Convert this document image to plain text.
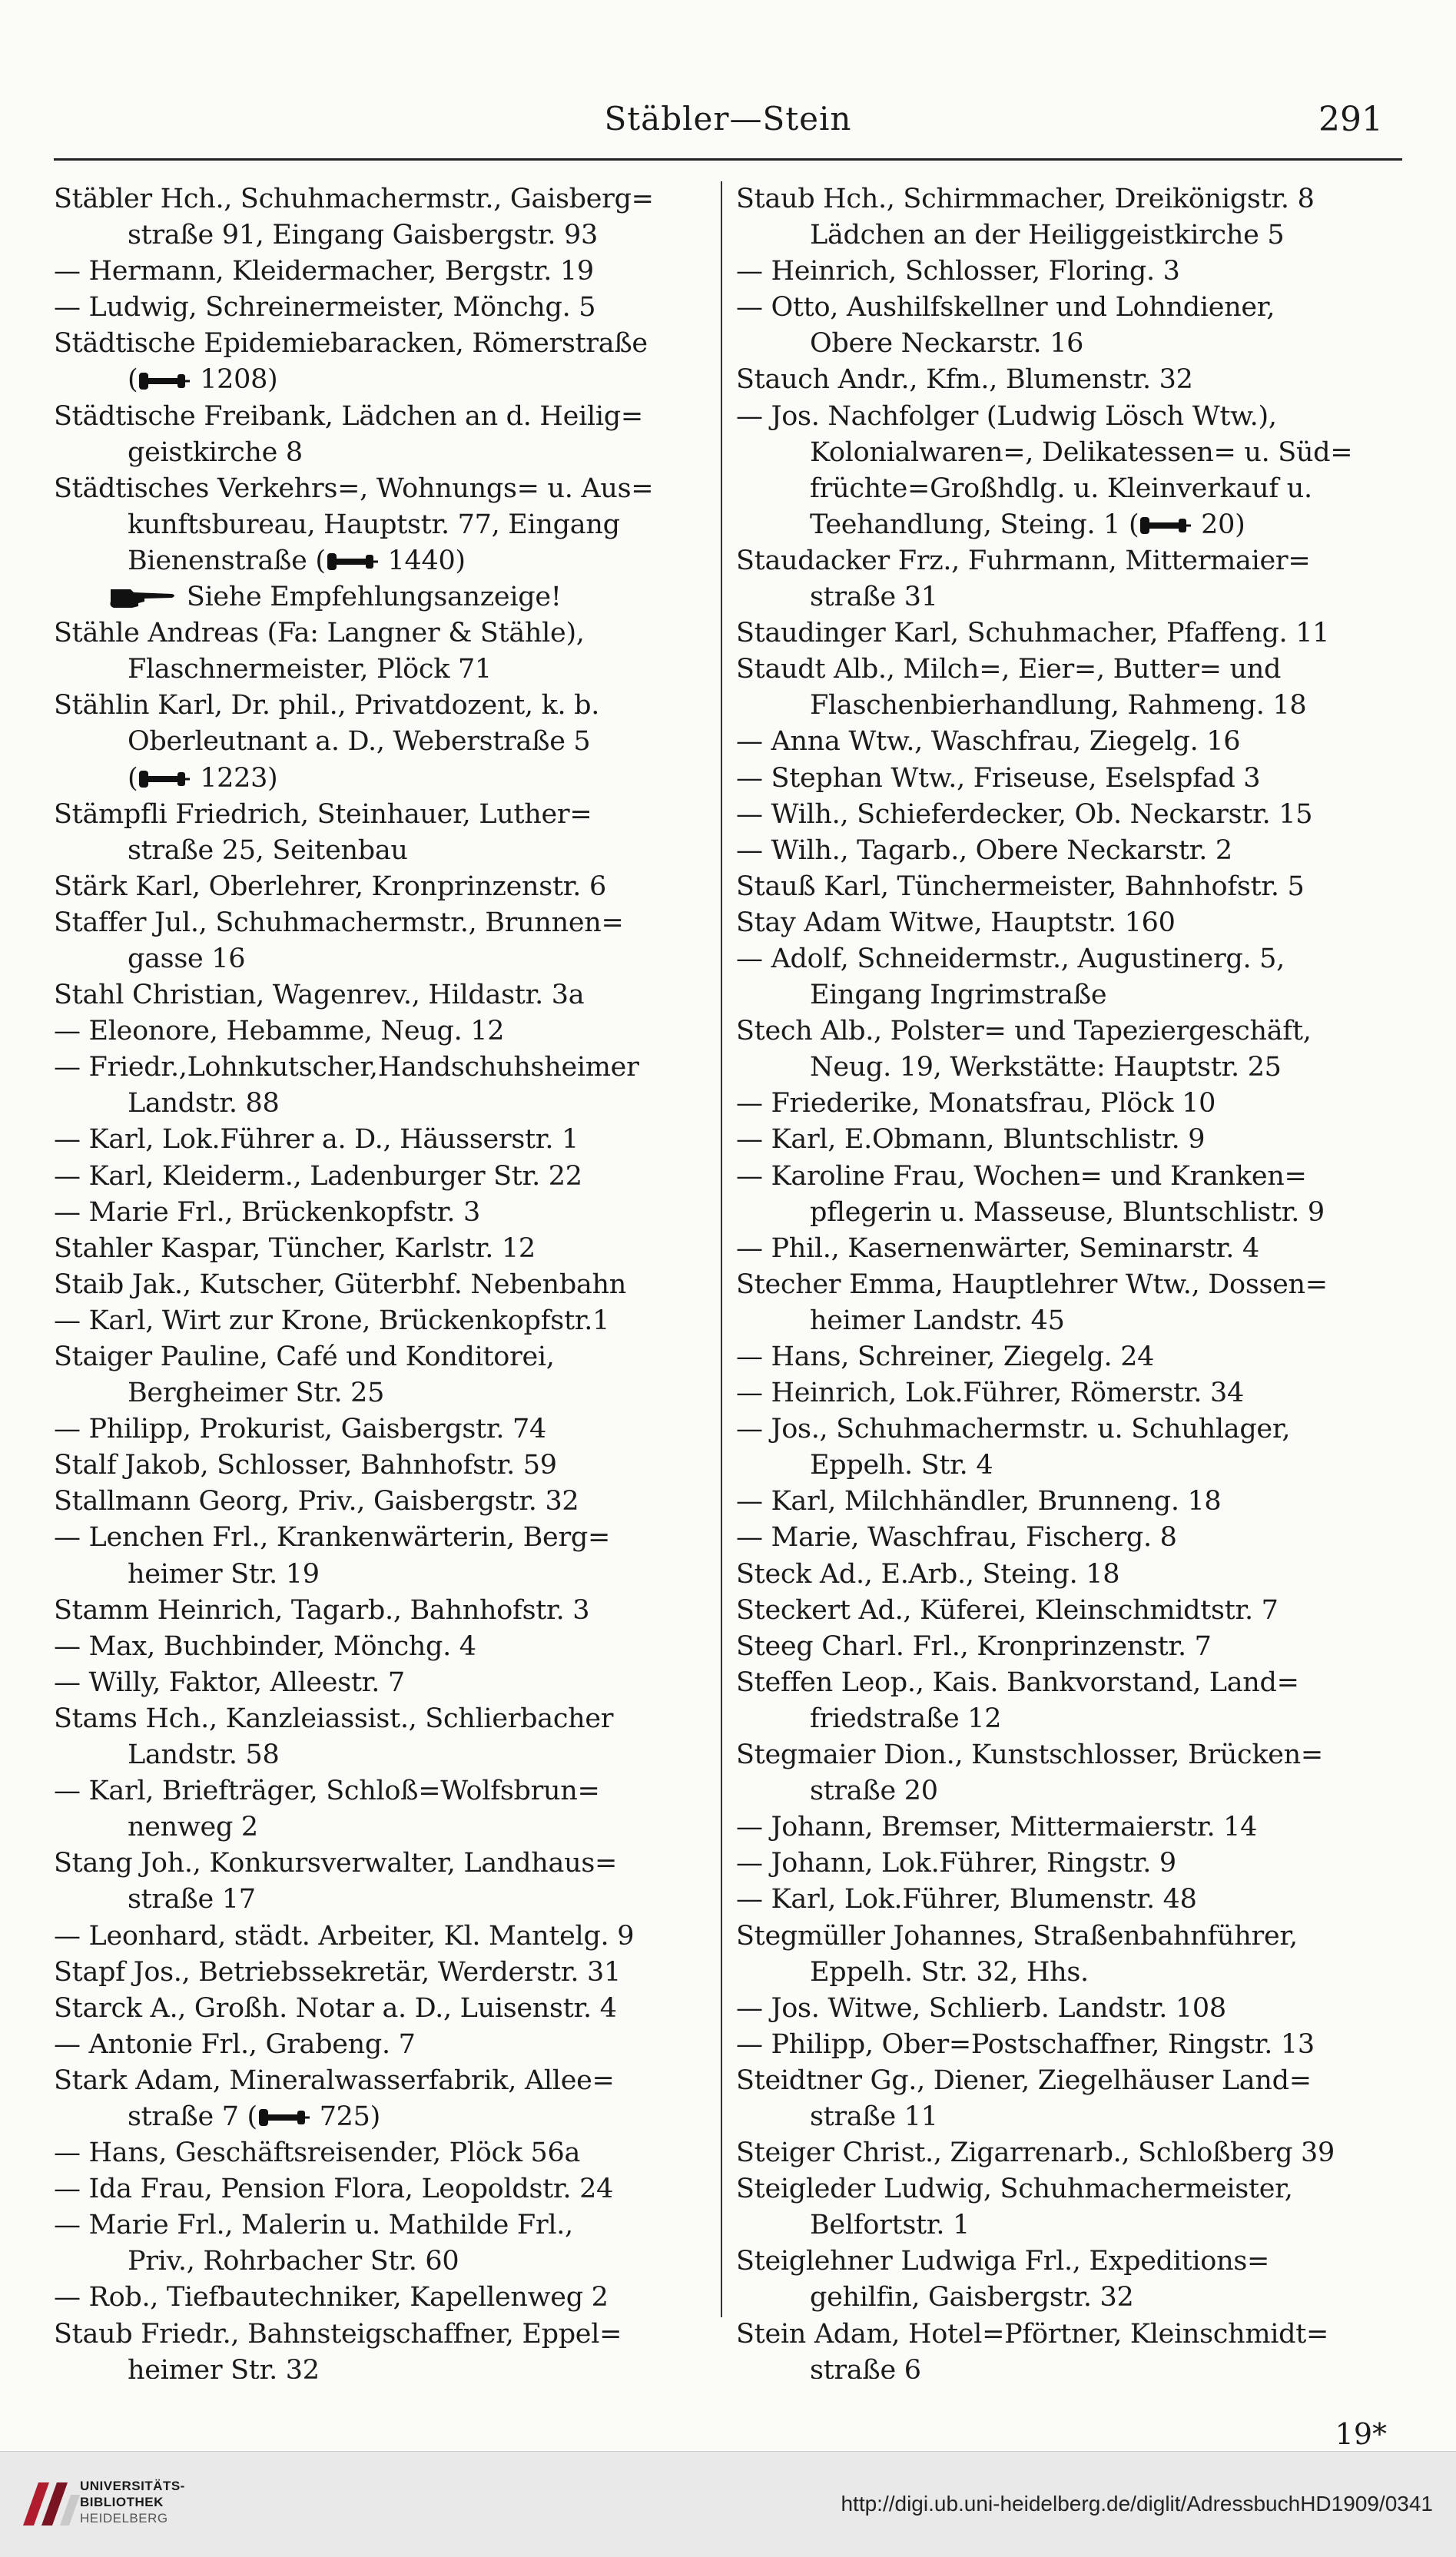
Stäbler—Stein	291
Stäbler Hch., Schuhmachermstr., Gaisberg=
straße 91, Eingang Gaisbergstr. 93
— Hermann, Kleidermacher, Bergstr. 19
— Ludwig, Schreinermeister, Mönchg. 5
Städtische Epidemiebaracken, Römerstraße
( 1208)
Städtische Freibank, Lädchen an d. Heilig=
geistkirche 8
Städtisches Verkehrs=, Wohnungs= u. Aus=
kunftsbureau, Hauptstr. 77, Eingang
Bienenstraße ( 1440)
Siehe Empfehlungsanzeige!
Stähle Andreas (Fa: Langner & Stähle),
Flaschnermeister, Plöck 71
Stählin Karl, Dr. phil., Privatdozent, k. b.
Oberleutnant a. D., Weberstraße 5
( 1223)
Stämpfli Friedrich, Steinhauer, Luther=
straße 25, Seitenbau
Stärk Karl, Oberlehrer, Kronprinzenstr. 6
Staffer Jul., Schuhmachermstr., Brunnen=
gasse 16
Stahl Christian, Wagenrev., Hildastr. 3a
— Eleonore, Hebamme, Neug. 12
— Friedr.,Lohnkutscher,Handschuhsheimer
Landstr. 88
— Karl, Lok.Führer a. D., Häusserstr. 1
— Karl, Kleiderm., Ladenburger Str. 22
— Marie Frl., Brückenkopfstr. 3
Stahler Kaspar, Tüncher, Karlstr. 12
Staib Jak., Kutscher, Güterbhf. Nebenbahn
— Karl, Wirt zur Krone, Brückenkopfstr.1
Staiger Pauline, Café und Konditorei,
Bergheimer Str. 25
— Philipp, Prokurist, Gaisbergstr. 74
Stalf Jakob, Schlosser, Bahnhofstr. 59
Stallmann Georg, Priv., Gaisbergstr. 32
— Lenchen Frl., Krankenwärterin, Berg=
heimer Str. 19
Stamm Heinrich, Tagarb., Bahnhofstr. 3
— Max, Buchbinder, Mönchg. 4
— Willy, Faktor, Alleestr. 7
Stams Hch., Kanzleiassist., Schlierbacher
Landstr. 58
— Karl, Briefträger, Schloß=Wolfsbrun=
nenweg 2
Stang Joh., Konkursverwalter, Landhaus=
straße 17
— Leonhard, städt. Arbeiter, Kl. Mantelg. 9
Stapf Jos., Betriebssekretär, Werderstr. 31
Starck A., Großh. Notar a. D., Luisenstr. 4
— Antonie Frl., Grabeng. 7
Stark Adam, Mineralwasserfabrik, Allee=
straße 7 ( 725)
— Hans, Geschäftsreisender, Plöck 56a
— Ida Frau, Pension Flora, Leopoldstr. 24
— Marie Frl., Malerin u. Mathilde Frl.,
Priv., Rohrbacher Str. 60
— Rob., Tiefbautechniker, Kapellenweg 2
Staub Friedr., Bahnsteigschaffner, Eppel=
heimer Str. 32
Staub Hch., Schirmmacher, Dreikönigstr. 8
Lädchen an der Heiliggeistkirche 5
— Heinrich, Schlosser, Floring. 3
— Otto, Aushilfskellner und Lohndiener,
Obere Neckarstr. 16
Stauch Andr., Kfm., Blumenstr. 32
— Jos. Nachfolger (Ludwig Lösch Wtw.),
Kolonialwaren=, Delikatessen= u. Süd=
früchte=Großhdlg. u. Kleinverkauf u.
Teehandlung, Steing. 1 ( 20)
Staudacker Frz., Fuhrmann, Mittermaier=
straße 31
Staudinger Karl, Schuhmacher, Pfaffeng. 11
Staudt Alb., Milch=, Eier=, Butter= und
Flaschenbierhandlung, Rahmeng. 18
— Anna Wtw., Waschfrau, Ziegelg. 16
— Stephan Wtw., Friseuse, Eselspfad 3
— Wilh., Schieferdecker, Ob. Neckarstr. 15
— Wilh., Tagarb., Obere Neckarstr. 2
Stauß Karl, Tünchermeister, Bahnhofstr. 5
Stay Adam Witwe, Hauptstr. 160
— Adolf, Schneidermstr., Augustinerg. 5,
Eingang Ingrimstraße
Stech Alb., Polster= und Tapeziergeschäft,
Neug. 19, Werkstätte: Hauptstr. 25
— Friederike, Monatsfrau, Plöck 10
— Karl, E.Obmann, Bluntschlistr. 9
— Karoline Frau, Wochen= und Kranken=
pflegerin u. Masseuse, Bluntschlistr. 9
— Phil., Kasernenwärter, Seminarstr. 4
Stecher Emma, Hauptlehrer Wtw., Dossen=
heimer Landstr. 45
— Hans, Schreiner, Ziegelg. 24
— Heinrich, Lok.Führer, Römerstr. 34
— Jos., Schuhmachermstr. u. Schuhlager,
Eppelh. Str. 4
— Karl, Milchhändler, Brunneng. 18
— Marie, Waschfrau, Fischerg. 8
Steck Ad., E.Arb., Steing. 18
Steckert Ad., Küferei, Kleinschmidtstr. 7
Steeg Charl. Frl., Kronprinzenstr. 7
Steffen Leop., Kais. Bankvorstand, Land=
friedstraße 12
Stegmaier Dion., Kunstschlosser, Brücken=
straße 20
— Johann, Bremser, Mittermaierstr. 14
— Johann, Lok.Führer, Ringstr. 9
— Karl, Lok.Führer, Blumenstr. 48
Stegmüller Johannes, Straßenbahnführer,
Eppelh. Str. 32, Hhs.
— Jos. Witwe, Schlierb. Landstr. 108
— Philipp, Ober=Postschaffner, Ringstr. 13
Steidtner Gg., Diener, Ziegelhäuser Land=
straße 11
Steiger Christ., Zigarrenarb., Schloßberg 39
Steigleder Ludwig, Schuhmachermeister,
Belfortstr. 1
Steiglehner Ludwiga Frl., Expeditions=
gehilfin, Gaisbergstr. 32
Stein Adam, Hotel=Pförtner, Kleinschmidt=
straße 6
19*
UNIVERSITÄTS-
BIBLIOTHEK
HEIDELBERG
http://digi.ub.uni-heidelberg.de/diglit/AdressbuchHD1909/0341
